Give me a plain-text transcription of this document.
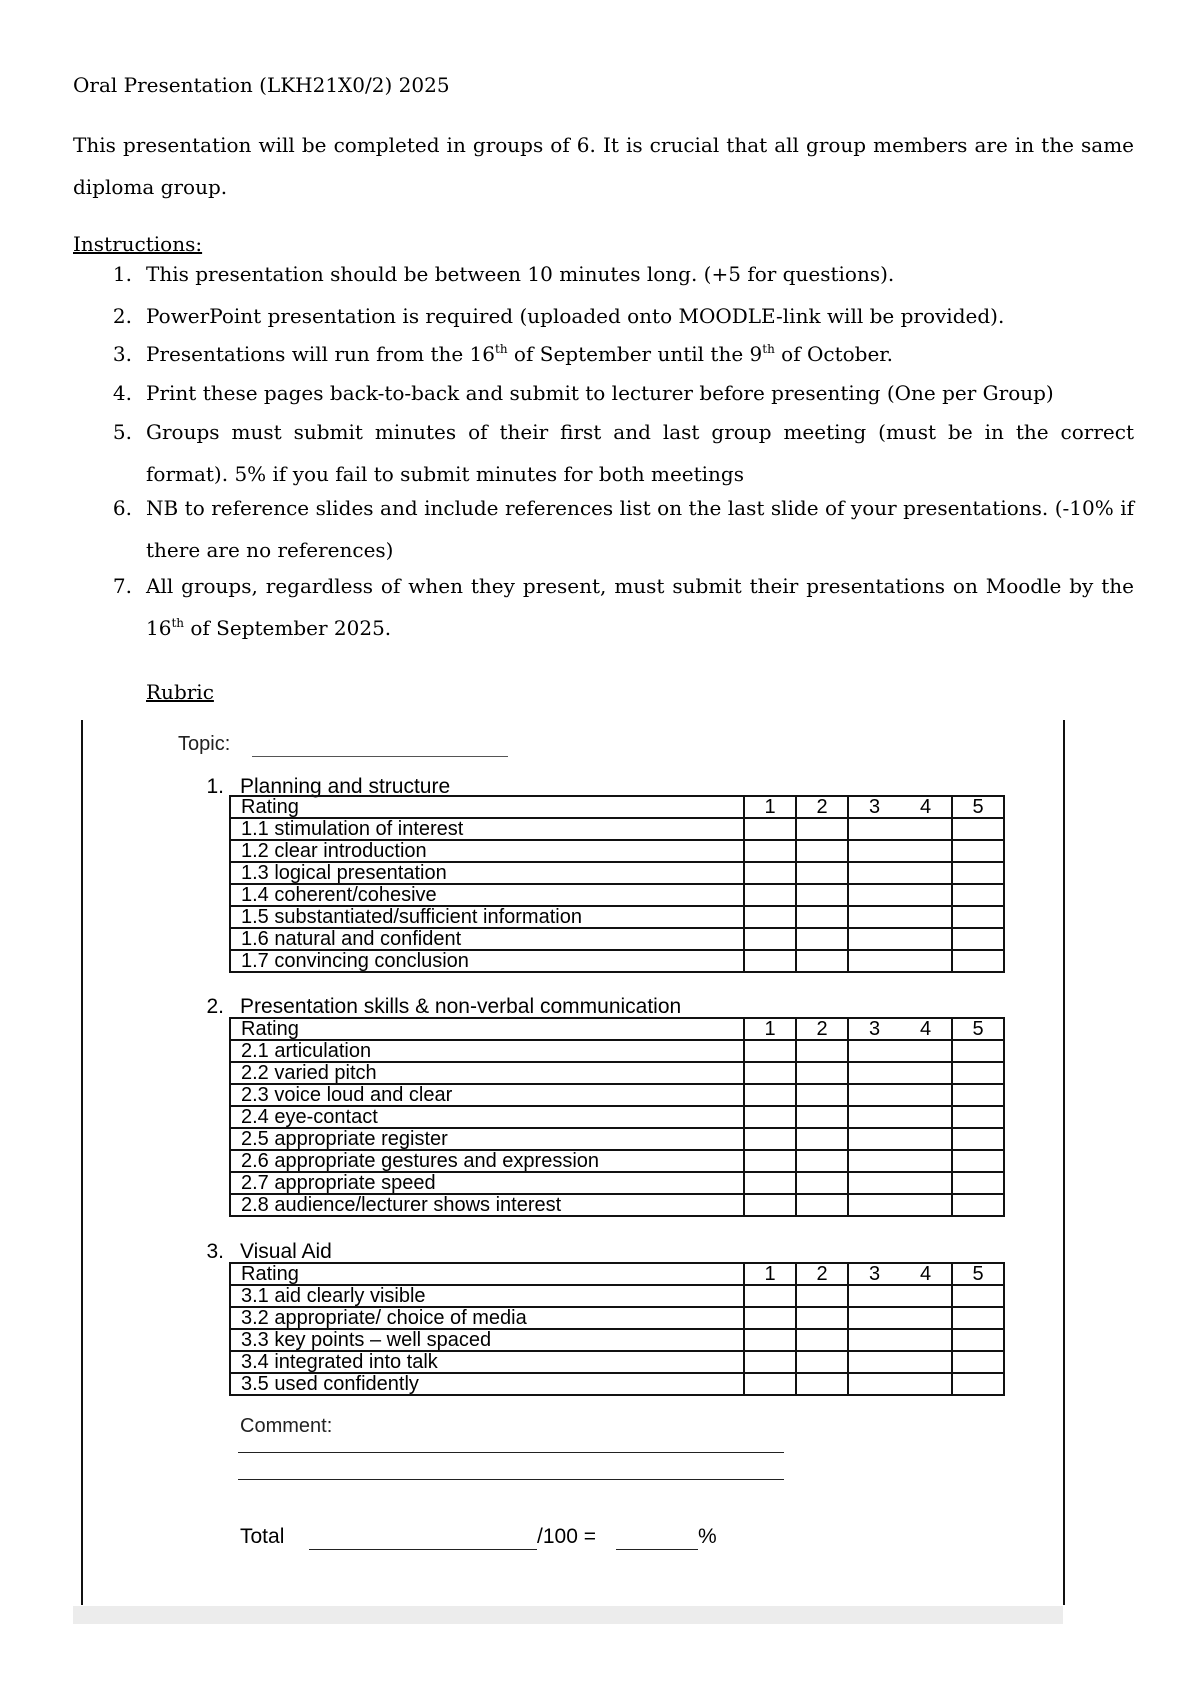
Oral Presentation (LKH21X0/2) 2025
This presentation will be completed in groups of 6. It is crucial that all group members are in the same diploma group.
Instructions:
1. This presentation should be between 10 minutes long. (+5 for questions).
2. PowerPoint presentation is required (uploaded onto MOODLE-link will be provided).
3. Presentations will run from the 16th of September until the 9th of October.
4. Print these pages back-to-back and submit to lecturer before presenting (One per Group)
5. Groups must submit minutes of their first and last group meeting (must be in the correct format). 5% if you fail to submit minutes for both meetings
6. NB to reference slides and include references list on the last slide of your presentations. (-10% if there are no references)
7. All groups, regardless of when they present, must submit their presentations on Moodle by the 16th of September 2025.
Rubric
Topic:
1. Planning and structure
Rating	1	2	3 4	5
1.1 stimulation of interest				
1.2 clear introduction				
1.3 logical presentation				
1.4 coherent/cohesive				
1.5 substantiated/sufficient information				
1.6 natural and confident				
1.7 convincing conclusion				
2. Presentation skills & non-verbal communication
Rating	1	2	3 4	5
2.1 articulation				
2.2 varied pitch				
2.3 voice loud and clear				
2.4 eye-contact				
2.5 appropriate register				
2.6 appropriate gestures and expression				
2.7 appropriate speed				
2.8 audience/lecturer shows interest				
3. Visual Aid
Rating	1	2	3 4	5
3.1 aid clearly visible				
3.2 appropriate/ choice of media				
3.3 key points – well spaced				
3.4 integrated into talk				
3.5 used confidently				
Comment:
Total	/100 =	%
